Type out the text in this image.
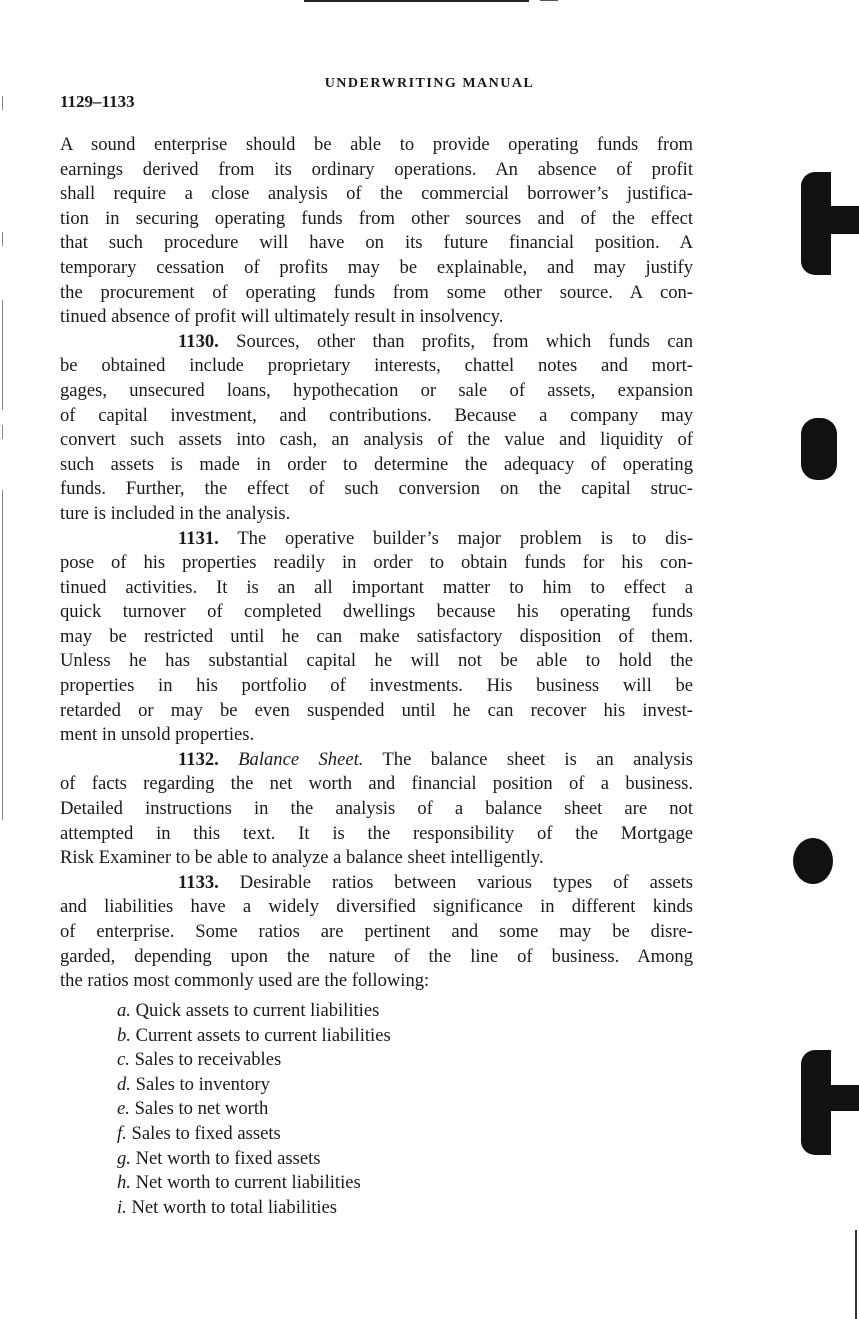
UNDERWRITING MANUAL
1129–1133
A sound enterprise should be able to provide operating funds from
earnings derived from its ordinary operations. An absence of profit
shall require a close analysis of the commercial borrower’s justifica-
tion in securing operating funds from other sources and of the effect
that such procedure will have on its future financial position. A
temporary cessation of profits may be explainable, and may justify
the procurement of operating funds from some other source. A con-
tinued absence of profit will ultimately result in insolvency.
1130. Sources, other than profits, from which funds can
be obtained include proprietary interests, chattel notes and mort-
gages, unsecured loans, hypothecation or sale of assets, expansion
of capital investment, and contributions. Because a company may
convert such assets into cash, an analysis of the value and liquidity of
such assets is made in order to determine the adequacy of operating
funds. Further, the effect of such conversion on the capital struc-
ture is included in the analysis.
1131. The operative builder’s major problem is to dis-
pose of his properties readily in order to obtain funds for his con-
tinued activities. It is an all important matter to him to effect a
quick turnover of completed dwellings because his operating funds
may be restricted until he can make satisfactory disposition of them.
Unless he has substantial capital he will not be able to hold the
properties in his portfolio of investments. His business will be
retarded or may be even suspended until he can recover his invest-
ment in unsold properties.
1132. Balance Sheet. The balance sheet is an analysis
of facts regarding the net worth and financial position of a business.
Detailed instructions in the analysis of a balance sheet are not
attempted in this text. It is the responsibility of the Mortgage
Risk Examiner to be able to analyze a balance sheet intelligently.
1133. Desirable ratios between various types of assets
and liabilities have a widely diversified significance in different kinds
of enterprise. Some ratios are pertinent and some may be disre-
garded, depending upon the nature of the line of business. Among
the ratios most commonly used are the following:
a. Quick assets to current liabilities
b. Current assets to current liabilities
c. Sales to receivables
d. Sales to inventory
e. Sales to net worth
f. Sales to fixed assets
g. Net worth to fixed assets
h. Net worth to current liabilities
i. Net worth to total liabilities
